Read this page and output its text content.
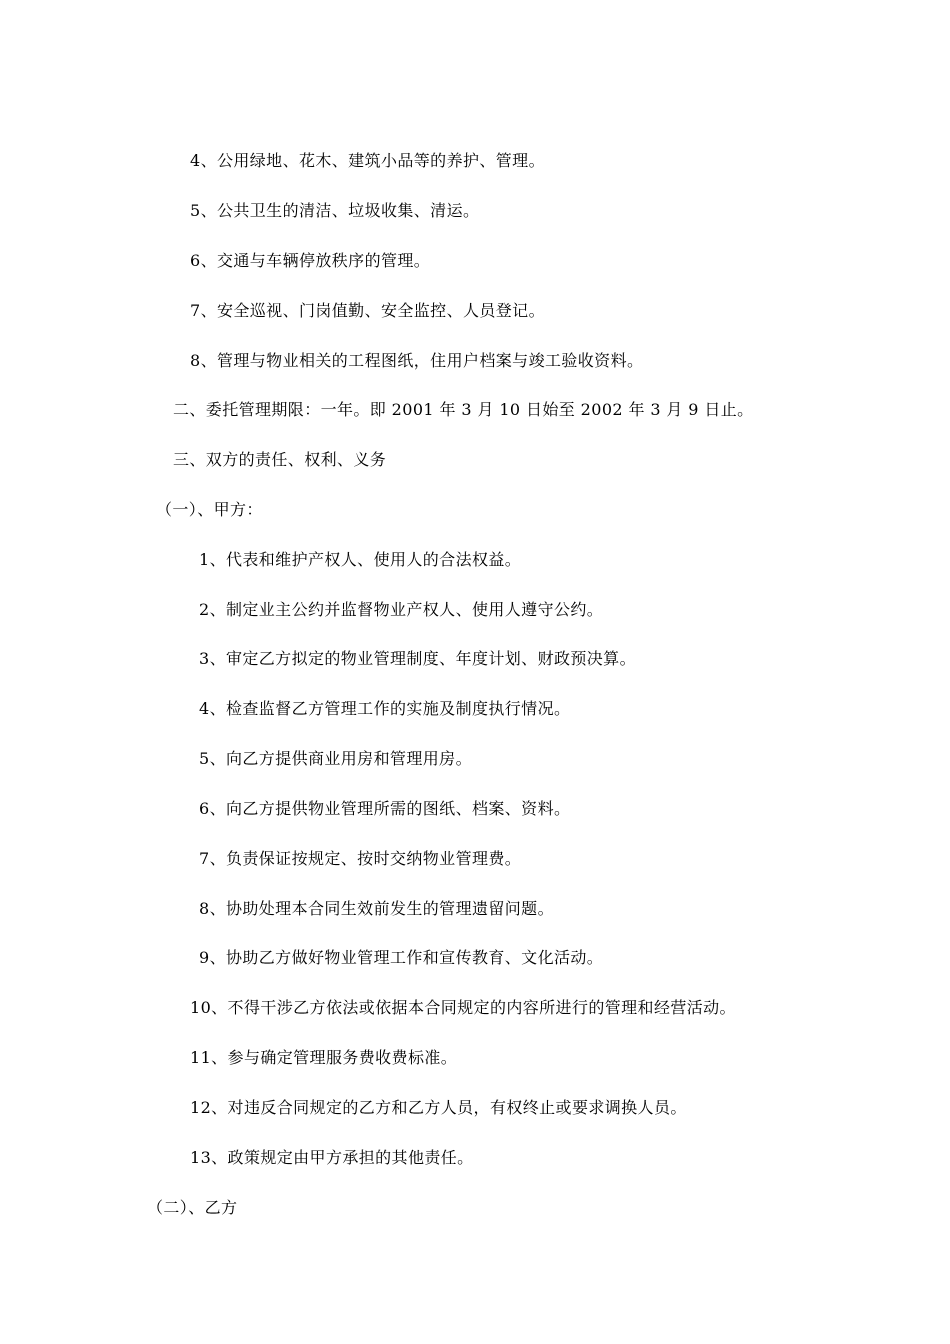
4、公用绿地、花木、建筑小品等的养护、管理。
5、公共卫生的清洁、垃圾收集、清运。
6、交通与车辆停放秩序的管理。
7、安全巡视、门岗值勤、安全监控、人员登记。
8、管理与物业相关的工程图纸，住用户档案与竣工验收资料。
二、委托管理期限：一年。即 2001 年 3 月 10 日始至 2002 年 3 月 9 日止。
三、双方的责任、权利、义务
（一）、甲方：
1、代表和维护产权人、使用人的合法权益。
2、制定业主公约并监督物业产权人、使用人遵守公约。
3、审定乙方拟定的物业管理制度、年度计划、财政预决算。
4、检查监督乙方管理工作的实施及制度执行情况。
5、向乙方提供商业用房和管理用房。
6、向乙方提供物业管理所需的图纸、档案、资料。
7、负责保证按规定、按时交纳物业管理费。
8、协助处理本合同生效前发生的管理遗留问题。
9、协助乙方做好物业管理工作和宣传教育、文化活动。
10、不得干涉乙方依法或依据本合同规定的内容所进行的管理和经营活动。
11、参与确定管理服务费收费标准。
12、对违反合同规定的乙方和乙方人员，有权终止或要求调换人员。
13、政策规定由甲方承担的其他责任。
（二）、乙方
